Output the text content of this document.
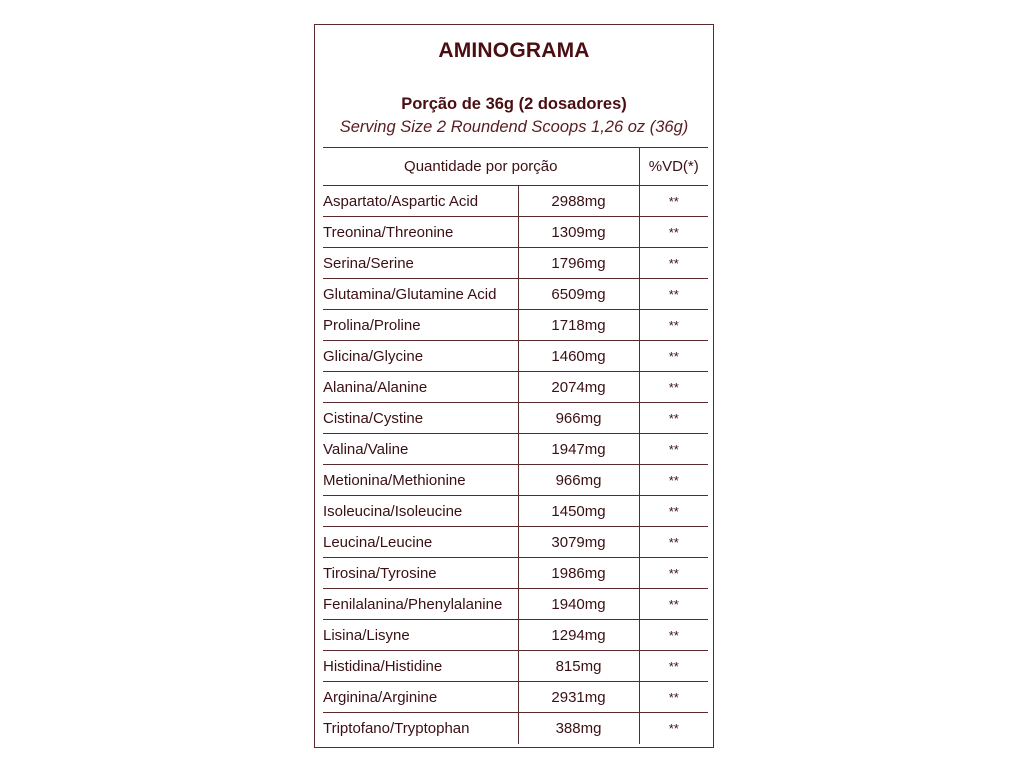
AMINOGRAMA
Porção de 36g (2 dosadores)
Serving Size 2 Roundend Scoops 1,26 oz (36g)
Quantidade por porção		%VD(*)
Aspartato/Aspartic Acid	2988mg	**
Treonina/Threonine	1309mg	**
Serina/Serine	1796mg	**
Glutamina/Glutamine Acid	6509mg	**
Prolina/Proline	1718mg	**
Glicina/Glycine	1460mg	**
Alanina/Alanine	2074mg	**
Cistina/Cystine	966mg	**
Valina/Valine	1947mg	**
Metionina/Methionine	966mg	**
Isoleucina/Isoleucine	1450mg	**
Leucina/Leucine	3079mg	**
Tirosina/Tyrosine	1986mg	**
Fenilalanina/Phenylalanine	1940mg	**
Lisina/Lisyne	1294mg	**
Histidina/Histidine	815mg	**
Arginina/Arginine	2931mg	**
Triptofano/Tryptophan	388mg	**
